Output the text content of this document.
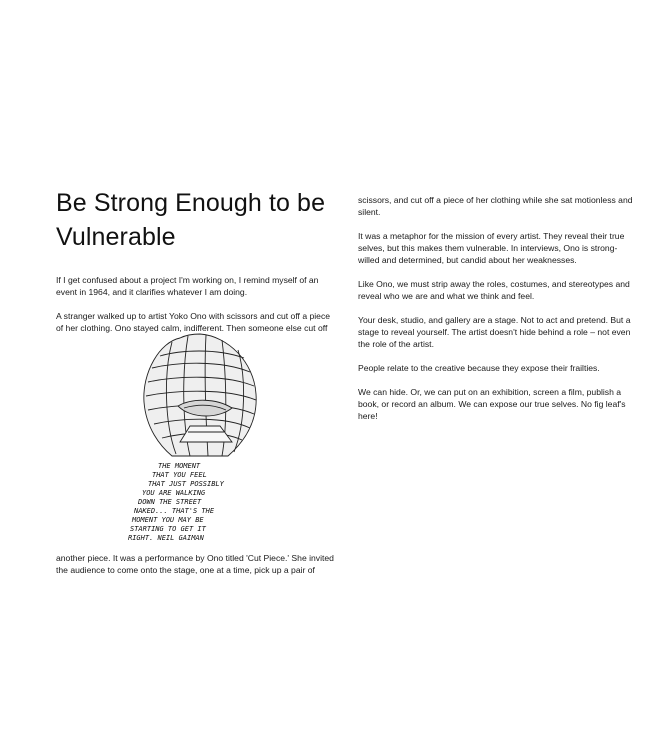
Be Strong Enough to be Vulnerable

If I get confused about a project I'm working on, I remind myself of an event in 1964, and it clarifies whatever I am doing.

A stranger walked up to artist Yoko Ono with scissors and cut off a piece of her clothing. Ono stayed calm, indifferent. Then someone else cut off

THE MOMENT
THAT YOU FEEL
THAT JUST POSSIBLY
YOU ARE WALKING
DOWN THE STREET
NAKED... THAT'S THE
MOMENT YOU MAY BE
STARTING TO GET IT
RIGHT. NEIL GAIMAN

another piece. It was a performance by Ono titled 'Cut Piece.' She invited the audience to come onto the stage, one at a time, pick up a pair of

scissors, and cut off a piece of her clothing while she sat motionless and silent.

It was a metaphor for the mission of every artist. They reveal their true selves, but this makes them vulnerable. In interviews, Ono is strong-willed and determined, but candid about her weaknesses.

Like Ono, we must strip away the roles, costumes, and stereotypes and reveal who we are and what we think and feel.

Your desk, studio, and gallery are a stage. Not to act and pretend. But a stage to reveal yourself. The artist doesn't hide behind a role – not even the role of the artist.

People relate to the creative because they expose their frailties.

We can hide. Or, we can put on an exhibition, screen a film, publish a book, or record an album. We can expose our true selves. No fig leaf's here!
